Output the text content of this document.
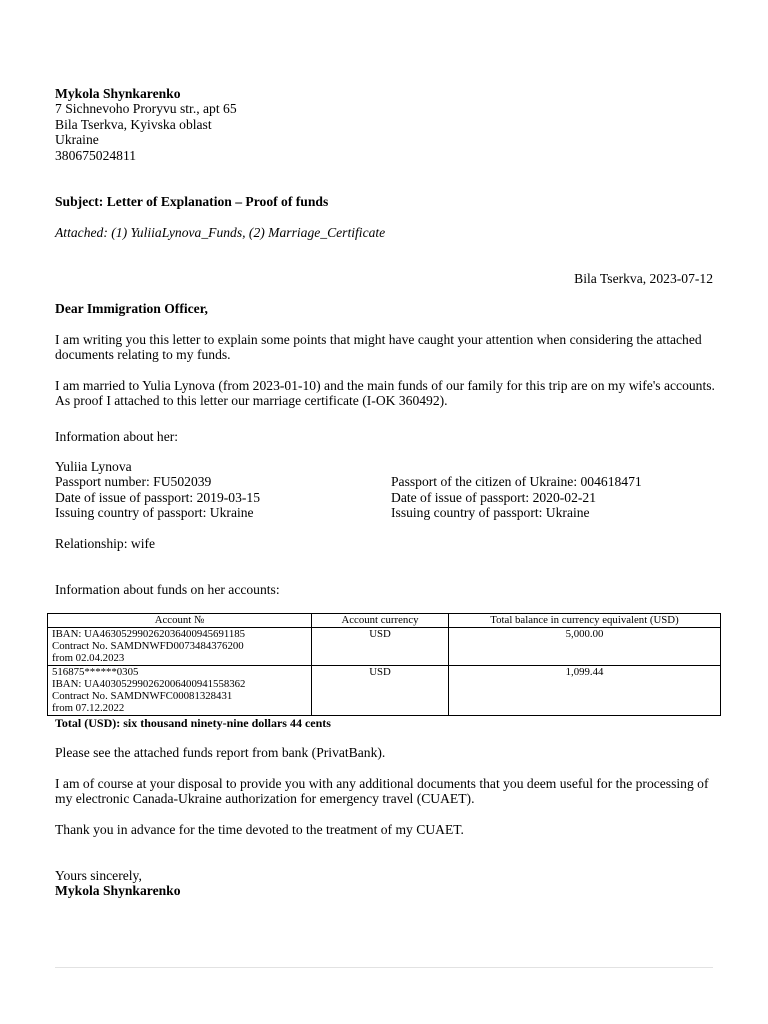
Mykola Shynkarenko
7 Sichnevoho Proryvu str., apt 65
Bila Tserkva, Kyivska oblast
Ukraine
380675024811
Subject: Letter of Explanation – Proof of funds
Attached: (1) YuliiaLynova_Funds, (2) Marriage_Certificate
Bila Tserkva, 2023-07-12
Dear Immigration Officer,
I am writing you this letter to explain some points that might have caught your attention when considering the attached documents relating to my funds.
I am married to Yulia Lynova (from 2023-01-10) and the main funds of our family for this trip are on my wife's accounts. As proof I attached to this letter our marriage certificate (I-OK 360492).
Information about her:
Yuliia Lynova
Passport number: FU502039
Date of issue of passport: 2019-03-15
Issuing country of passport: Ukraine
Passport of the citizen of Ukraine: 004618471
Date of issue of passport: 2020-02-21
Issuing country of passport: Ukraine
Relationship: wife
Information about funds on her accounts:
Account №	Account currency	Total balance in currency equivalent (USD)

IBAN: UA463052990262036400945691185
Contract No. SAMDNWFD0073484376200
from 02.04.2023	USD	5,000.00

516875******0305
IBAN: UA403052990262006400941558362
Contract No. SAMDNWFC00081328431
from 07.12.2022	USD	1,099.44
Total (USD): six thousand ninety-nine dollars 44 cents
Please see the attached funds report from bank (PrivatBank).
I am of course at your disposal to provide you with any additional documents that you deem useful for the processing of my electronic Canada-Ukraine authorization for emergency travel (CUAET).
Thank you in advance for the time devoted to the treatment of my CUAET.
Yours sincerely,
Mykola Shynkarenko
